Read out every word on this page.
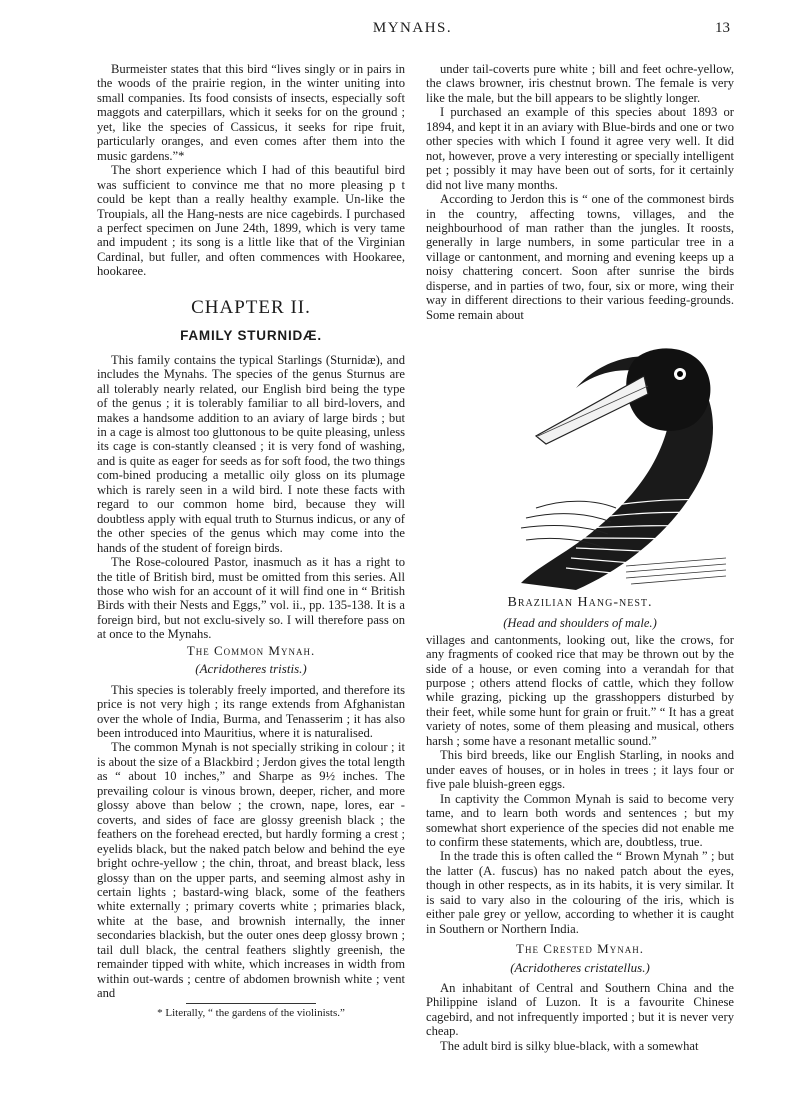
MYNAHS.	13

Burmeister states that this bird “lives singly or in pairs in the woods of the prairie region, in the winter uniting into small companies. Its food consists of insects, especially soft maggots and caterpillars, which it seeks for on the ground ; yet, like the species of Cassicus, it seeks for ripe fruit, particularly oranges, and even comes after them into the music gardens.”*

The short experience which I had of this beautiful bird was sufficient to convince me that no more pleasing p t could be kept than a really healthy example. Un-like the Troupials, all the Hang-nests are nice cagebirds. I purchased a perfect specimen on June 24th, 1899, which is very tame and impudent ; its song is a little like that of the Virginian Cardinal, but fuller, and often commences with Hookaree, hookaree.

CHAPTER II.
FAMILY STURNIDÆ.

This family contains the typical Starlings (Sturnidæ), and includes the Mynahs. The species of the genus Sturnus are all tolerably nearly related, our English bird being the type of the genus ; it is tolerably familiar to all bird-lovers, and makes a handsome addition to an aviary of large birds ; but in a cage is almost too gluttonous to be quite pleasing, unless its cage is con-stantly cleansed ; it is very fond of washing, and is quite as eager for seeds as for soft food, the two things com-bined producing a metallic oily gloss on its plumage which is rarely seen in a wild bird. I note these facts with regard to our common home bird, because they will doubtless apply with equal truth to Sturnus indicus, or any of the other species of the genus which may come into the hands of the student of foreign birds.

The Rose-coloured Pastor, inasmuch as it has a right to the title of British bird, must be omitted from this series. All those who wish for an account of it will find one in “ British Birds with their Nests and Eggs,” vol. ii., pp. 135-138. It is a foreign bird, but not exclu-sively so. I will therefore pass on at once to the Mynahs.

The Common Mynah.
(Acridotheres tristis.)

This species is tolerably freely imported, and therefore its price is not very high ; its range extends from Afghanistan over the whole of India, Burma, and Tenasserim ; it has also been introduced into Mauritius, where it is naturalised.

The common Mynah is not specially striking in colour ; it is about the size of a Blackbird ; Jerdon gives the total length as “ about 10 inches,” and Sharpe as 9½ inches. The prevailing colour is vinous brown, deeper, richer, and more glossy above than below ; the crown, nape, lores, ear - coverts, and sides of face are glossy greenish black ; the feathers on the forehead erected, but hardly forming a crest ; eyelids black, but the naked patch below and behind the eye bright ochre-yellow ; the chin, throat, and breast black, less glossy than on the upper parts, and seeming almost ashy in certain lights ; bastard-wing black, some of the feathers white externally ; primary coverts white ; primaries black, white at the base, and brownish internally, the inner secondaries blackish, but the outer ones deep glossy brown ; tail dull black, the central feathers slightly greenish, the remainder tipped with white, which increases in width from within out-wards ; centre of abdomen brownish white ; vent and

* Literally, “ the gardens of the violinists.”

under tail-coverts pure white ; bill and feet ochre-yellow, the claws browner, iris chestnut brown. The female is very like the male, but the bill appears to be slightly longer.

I purchased an example of this species about 1893 or 1894, and kept it in an aviary with Blue-birds and one or two other species with which I found it agree very well. It did not, however, prove a very interesting or specially intelligent pet ; possibly it may have been out of sorts, for it certainly did not live many months.

According to Jerdon this is “ one of the commonest birds in the country, affecting towns, villages, and the neighbourhood of man rather than the jungles. It roosts, generally in large numbers, in some particular tree in a village or cantonment, and morning and evening keeps up a noisy chattering concert. Soon after sunrise the birds disperse, and in parties of two, four, six or more, wing their way in different directions to their various feeding-grounds. Some remain about

Brazilian Hang-nest.
(Head and shoulders of male.)

villages and cantonments, looking out, like the crows, for any fragments of cooked rice that may be thrown out by the side of a house, or even coming into a verandah for that purpose ; others attend flocks of cattle, which they follow while grazing, picking up the grasshoppers disturbed by their feet, while some hunt for grain or fruit.” “ It has a great variety of notes, some of them pleasing and musical, others harsh ; some have a resonant metallic sound.”

This bird breeds, like our English Starling, in nooks and under eaves of houses, or in holes in trees ; it lays four or five pale bluish-green eggs.

In captivity the Common Mynah is said to become very tame, and to learn both words and sentences ; but my somewhat short experience of the species did not enable me to confirm these statements, which are, doubtless, true.

In the trade this is often called the “ Brown Mynah ” ; but the latter (A. fuscus) has no naked patch about the eyes, though in other respects, as in its habits, it is very similar. It is said to vary also in the colouring of the iris, which is either pale grey or yellow, according to whether it is caught in Southern or Northern India.

The Crested Mynah.
(Acridotheres cristatellus.)

An inhabitant of Central and Southern China and the Philippine island of Luzon. It is a favourite Chinese cagebird, and not infrequently imported ; but it is never very cheap.

The adult bird is silky blue-black, with a somewhat
